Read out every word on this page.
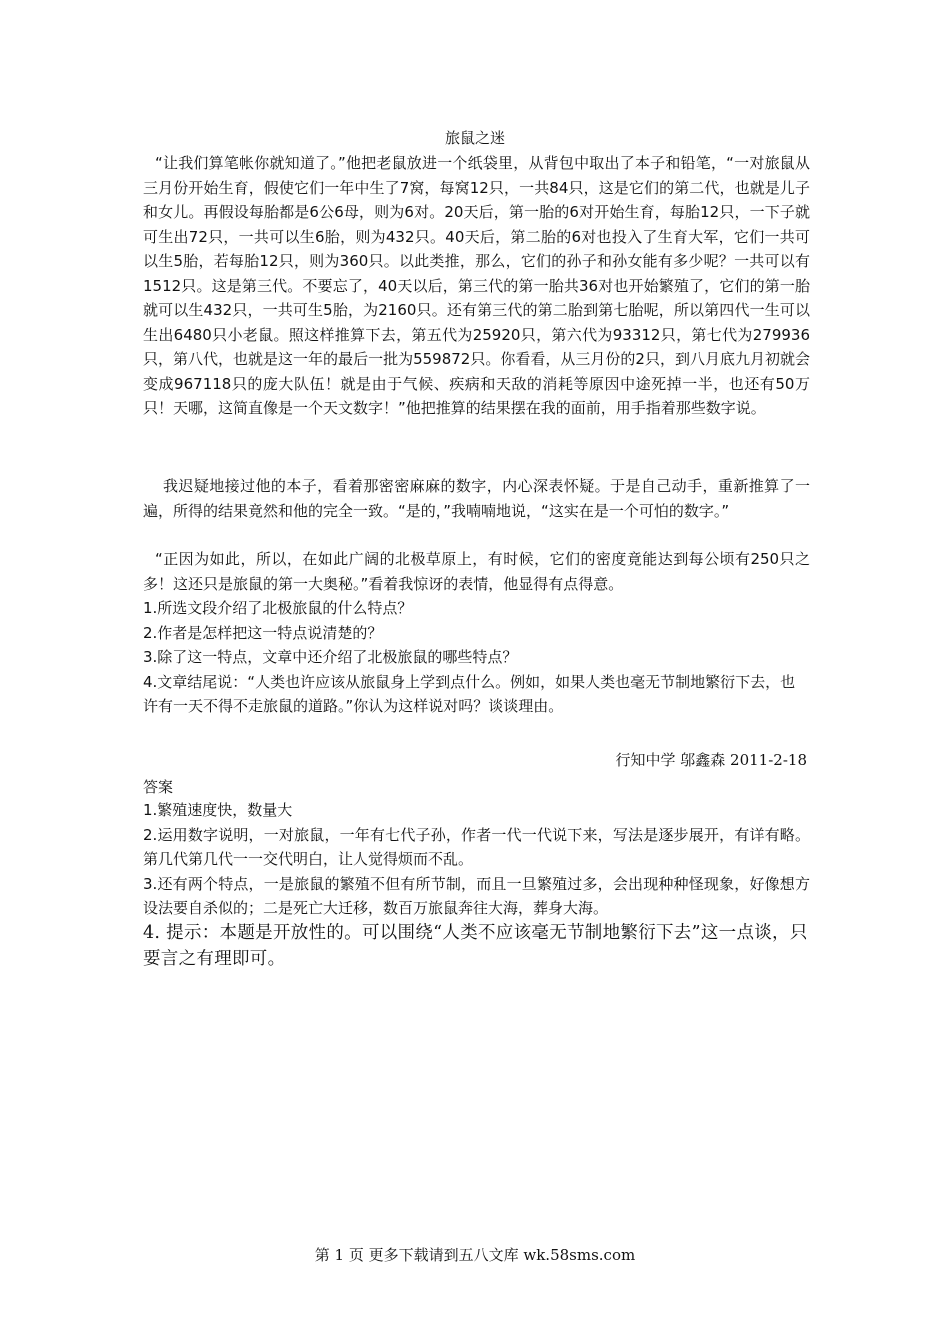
旅鼠之迷

“让我们算笔帐你就知道了。”他把老鼠放进一个纸袋里，从背包中取出了本子和铅笔，“一对旅鼠从三月份开始生育，假使它们一年中生了7窝，每窝12只，一共84只，这是它们的第二代，也就是儿子和女儿。再假设每胎都是6公6母，则为6对。20天后，第一胎的6对开始生育，每胎12只，一下子就可生出72只，一共可以生6胎，则为432只。40天后，第二胎的6对也投入了生育大军，它们一共可以生5胎，若每胎12只，则为360只。以此类推，那么，它们的孙子和孙女能有多少呢？一共可以有1512只。这是第三代。不要忘了，40天以后，第三代的第一胎共36对也开始繁殖了，它们的第一胎就可以生432只，一共可生5胎，为2160只。还有第三代的第二胎到第七胎呢，所以第四代一生可以生出6480只小老鼠。照这样推算下去，第五代为25920只，第六代为93312只，第七代为279936只，第八代，也就是这一年的最后一批为559872只。你看看，从三月份的2只，到八月底九月初就会变成967118只的庞大队伍！就是由于气候、疾病和天敌的消耗等原因中途死掉一半，也还有50万只！天哪，这简直像是一个天文数字！”他把推算的结果摆在我的面前，用手指着那些数字说。

我迟疑地接过他的本子，看着那密密麻麻的数字，内心深表怀疑。于是自己动手，重新推算了一遍，所得的结果竟然和他的完全一致。“是的，”我喃喃地说，“这实在是一个可怕的数字。”

“正因为如此，所以，在如此广阔的北极草原上，有时候，它们的密度竟能达到每公顷有250只之多！这还只是旅鼠的第一大奥秘。”看着我惊讶的表情，他显得有点得意。

1.所选文段介绍了北极旅鼠的什么特点？

2.作者是怎样把这一特点说清楚的？

3.除了这一特点，文章中还介绍了北极旅鼠的哪些特点？

4.文章结尾说：“人类也许应该从旅鼠身上学到点什么。例如，如果人类也毫无节制地繁衍下去，也许有一天不得不走旅鼠的道路。”你认为这样说对吗？谈谈理由。

行知中学 邬鑫森 2011-2-18
答案

1.繁殖速度快，数量大

2.运用数字说明，一对旅鼠，一年有七代子孙，作者一代一代说下来，写法是逐步展开，有详有略。第几代第几代一一交代明白，让人觉得烦而不乱。

3.还有两个特点，一是旅鼠的繁殖不但有所节制，而且一旦繁殖过多，会出现种种怪现象，好像想方设法要自杀似的；二是死亡大迁移，数百万旅鼠奔往大海，葬身大海。

4. 提示：本题是开放性的。可以围绕“人类不应该毫无节制地繁衍下去”这一点谈，只要言之有理即可。
第 1 页 更多下载请到五八文库 wk.58sms.com
